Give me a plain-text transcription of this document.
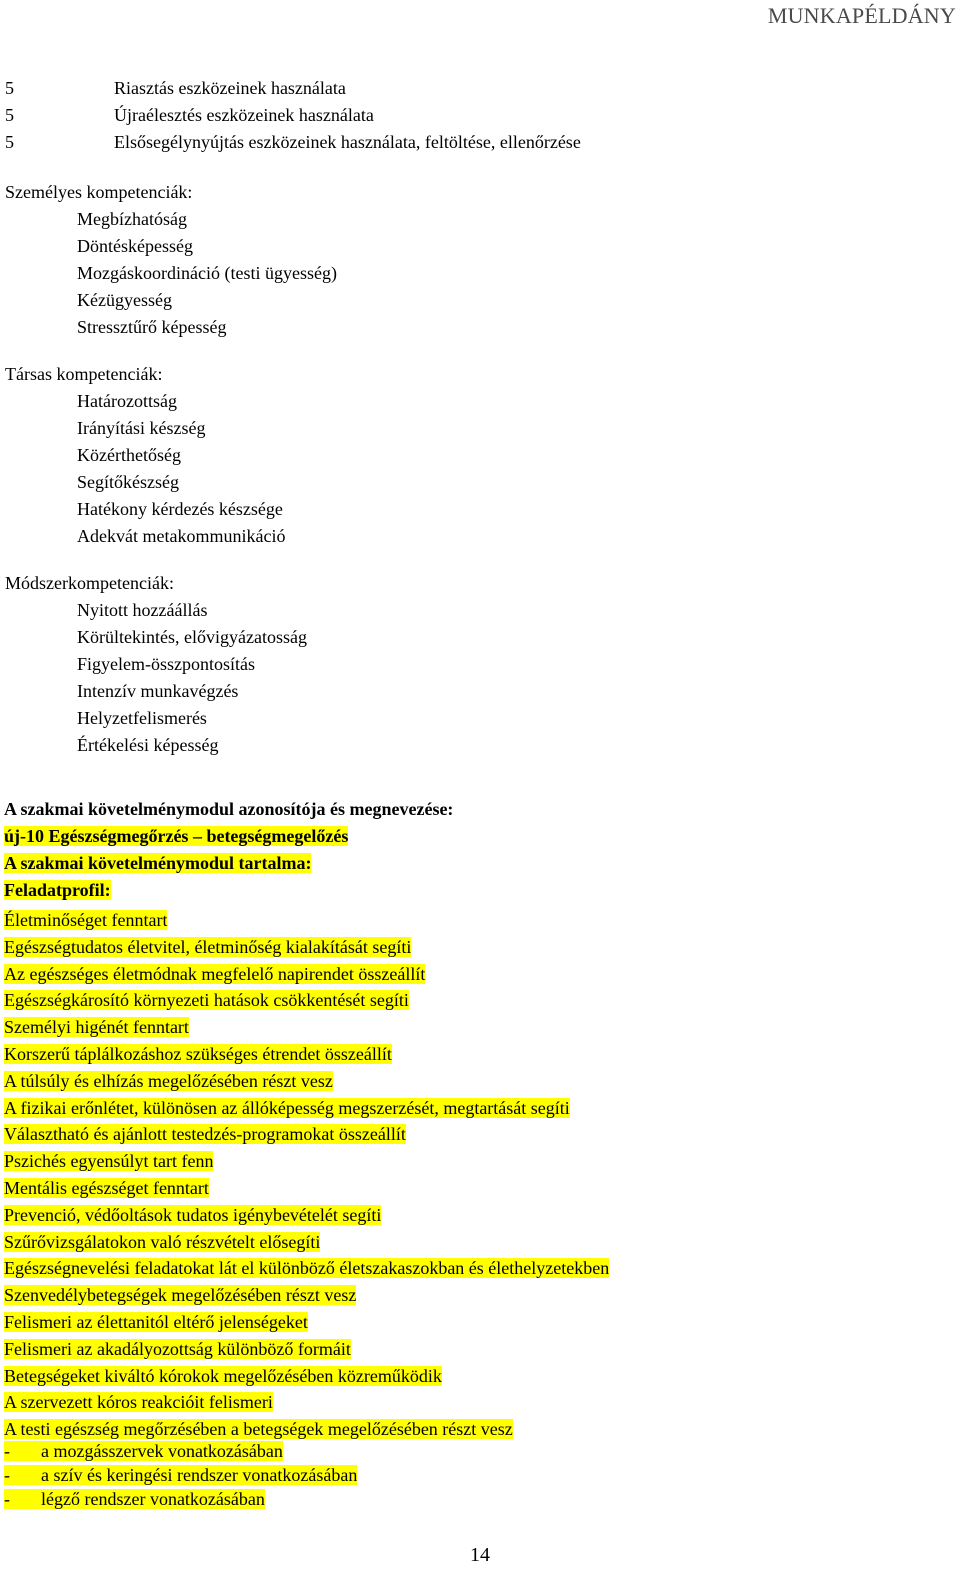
MUNKAPÉLDÁNY
5	Riasztás eszközeinek használata
5	Újraélesztés eszközeinek használata
5	Elsősegélynyújtás eszközeinek használata, feltöltése, ellenőrzése
Személyes kompetenciák:
Megbízhatóság
Döntésképesség
Mozgáskoordináció (testi ügyesség)
Kézügyesség
Stressztűrő képesség
Társas kompetenciák:
Határozottság
Irányítási készség
Közérthetőség
Segítőkészség
Hatékony kérdezés készsége
Adekvát metakommunikáció
Módszerkompetenciák:
Nyitott hozzáállás
Körültekintés, elővigyázatosság
Figyelem-összpontosítás
Intenzív munkavégzés
Helyzetfelismerés
Értékelési képesség
A szakmai követelménymodul azonosítója és megnevezése:
új-10 Egészségmegőrzés – betegségmegelőzés
A szakmai követelménymodul tartalma:
Feladatprofil:
Életminőséget fenntart
Egészségtudatos életvitel, életminőség kialakítását segíti
Az egészséges életmódnak megfelelő napirendet összeállít
Egészségkárosító környezeti hatások csökkentését segíti
Személyi higénét fenntart
Korszerű táplálkozáshoz szükséges étrendet összeállít
A túlsúly és elhízás megelőzésében részt vesz
A fizikai erőnlétet, különösen az állóképesség megszerzését, megtartását segíti
Választható és ajánlott testedzés-programokat összeállít
Pszichés egyensúlyt tart fenn
Mentális egészséget fenntart
Prevenció, védőoltások tudatos igénybevételét segíti
Szűrővizsgálatokon való részvételt elősegíti
Egészségnevelési feladatokat lát el különböző életszakaszokban és élethelyzetekben
Szenvedélybetegségek megelőzésében részt vesz
Felismeri az élettanitól eltérő jelenségeket
Felismeri az akadályozottság különböző formáit
Betegségeket kiváltó kórokok megelőzésében közreműködik
A szervezett kóros reakcióit felismeri
A testi egészség megőrzésében a betegségek megelőzésében részt vesz
- a mozgásszervek vonatkozásában
- a szív és keringési rendszer vonatkozásában
- légző rendszer vonatkozásában
14
